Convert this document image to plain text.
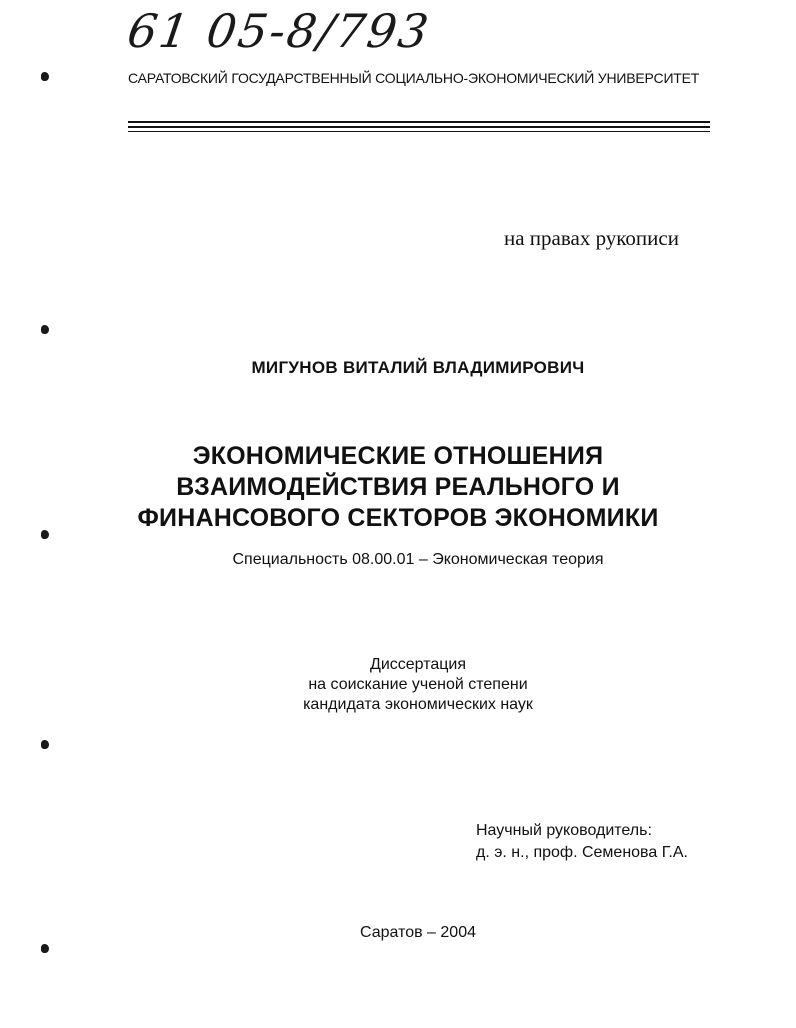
61 05-8/793
САРАТОВСКИЙ ГОСУДАРСТВЕННЫЙ СОЦИАЛЬНО-ЭКОНОМИЧЕСКИЙ УНИВЕРСИТЕТ
на правах рукописи
МИГУНОВ ВИТАЛИЙ ВЛАДИМИРОВИЧ
ЭКОНОМИЧЕСКИЕ ОТНОШЕНИЯ
ВЗАИМОДЕЙСТВИЯ РЕАЛЬНОГО И
ФИНАНСОВОГО СЕКТОРОВ ЭКОНОМИКИ
Специальность 08.00.01 – Экономическая теория
Диссертация
на соискание ученой степени
кандидата экономических наук
Научный руководитель:
д. э. н., проф. Семенова Г.А.
Саратов – 2004
